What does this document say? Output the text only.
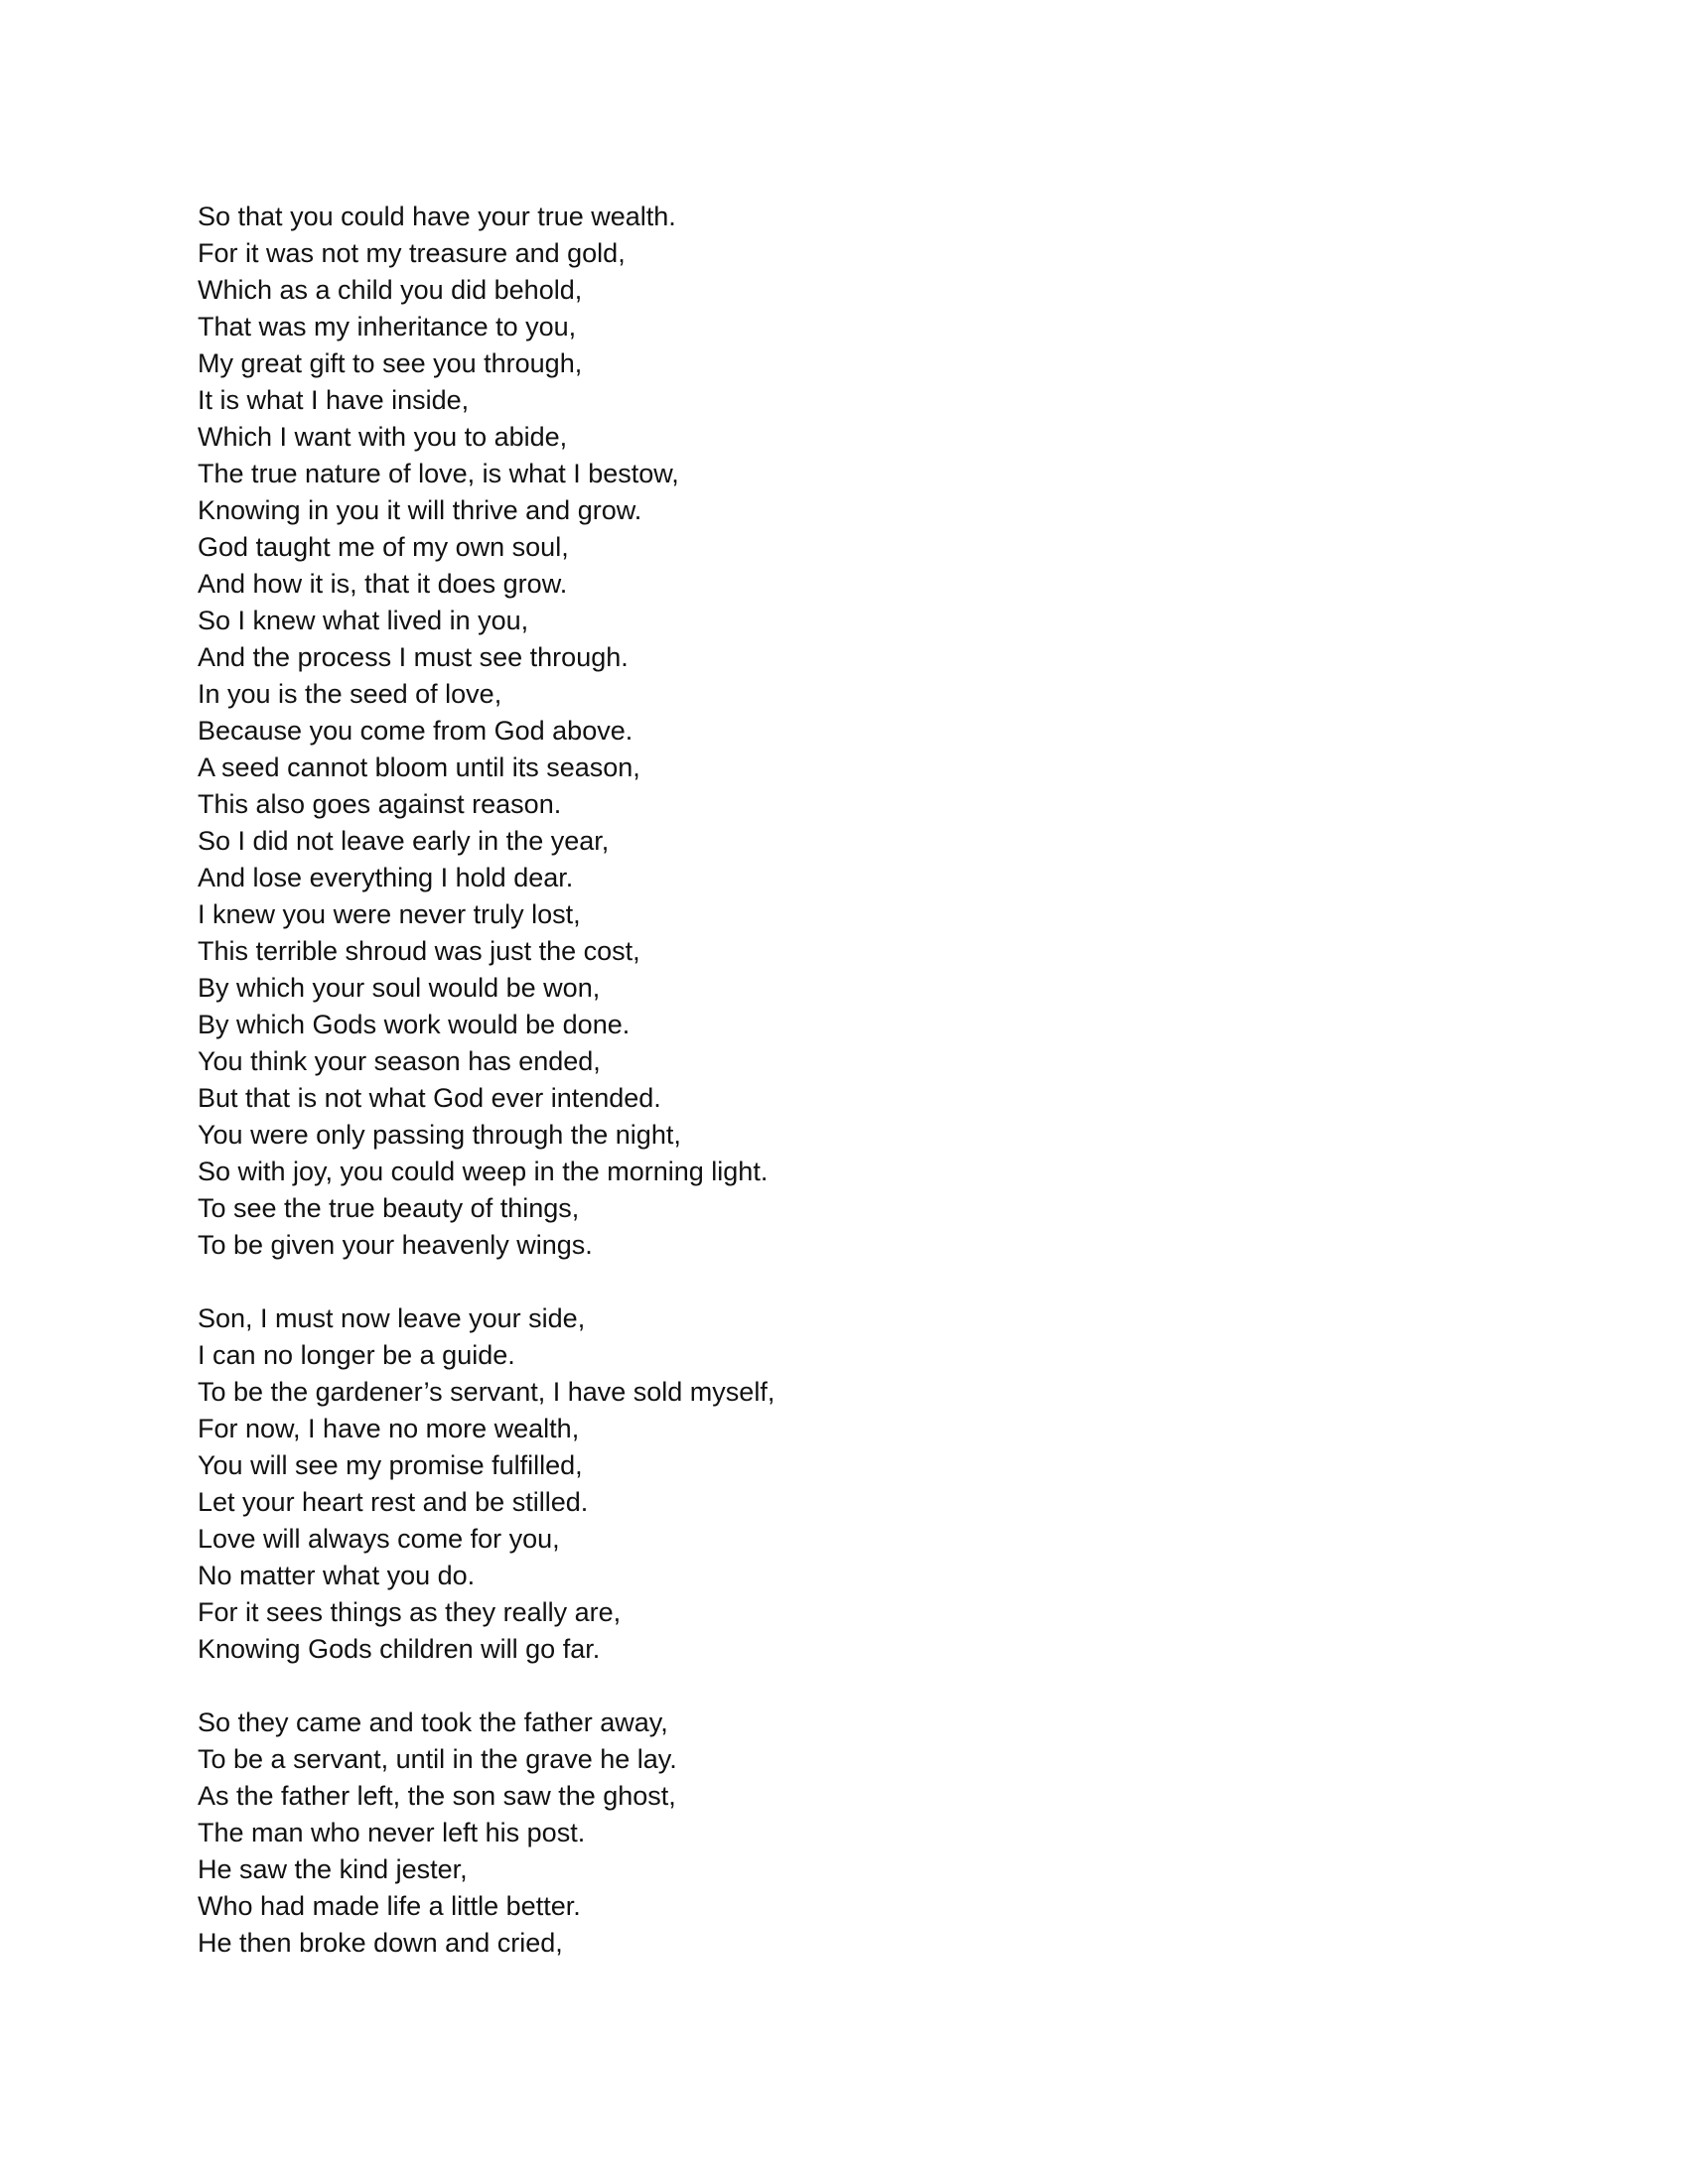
So that you could have your true wealth.
For it was not my treasure and gold,
Which as a child you did behold,
That was my inheritance to you,
My great gift to see you through,
It is what I have inside,
Which I want with you to abide,
The true nature of love, is what I bestow,
Knowing in you it will thrive and grow.
God taught me of my own soul,
And how it is, that it does grow.
So I knew what lived in you,
And the process I must see through.
In you is the seed of love,
Because you come from God above.
A seed cannot bloom until its season,
This also goes against reason.
So I did not leave early in the year,
And lose everything I hold dear.
I knew you were never truly lost,
This terrible shroud was just the cost,
By which your soul would be won,
By which Gods work would be done.
You think your season has ended,
But that is not what God ever intended.
You were only passing through the night,
So with joy, you could weep in the morning light.
To see the true beauty of things,
To be given your heavenly wings.
Son, I must now leave your side,
I can no longer be a guide.
To be the gardener’s servant, I have sold myself,
For now, I have no more wealth,
You will see my promise fulfilled,
Let your heart rest and be stilled.
Love will always come for you,
No matter what you do.
For it sees things as they really are,
Knowing Gods children will go far.
So they came and took the father away,
To be a servant, until in the grave he lay.
As the father left, the son saw the ghost,
The man who never left his post.
He saw the kind jester,
Who had made life a little better.
He then broke down and cried,
